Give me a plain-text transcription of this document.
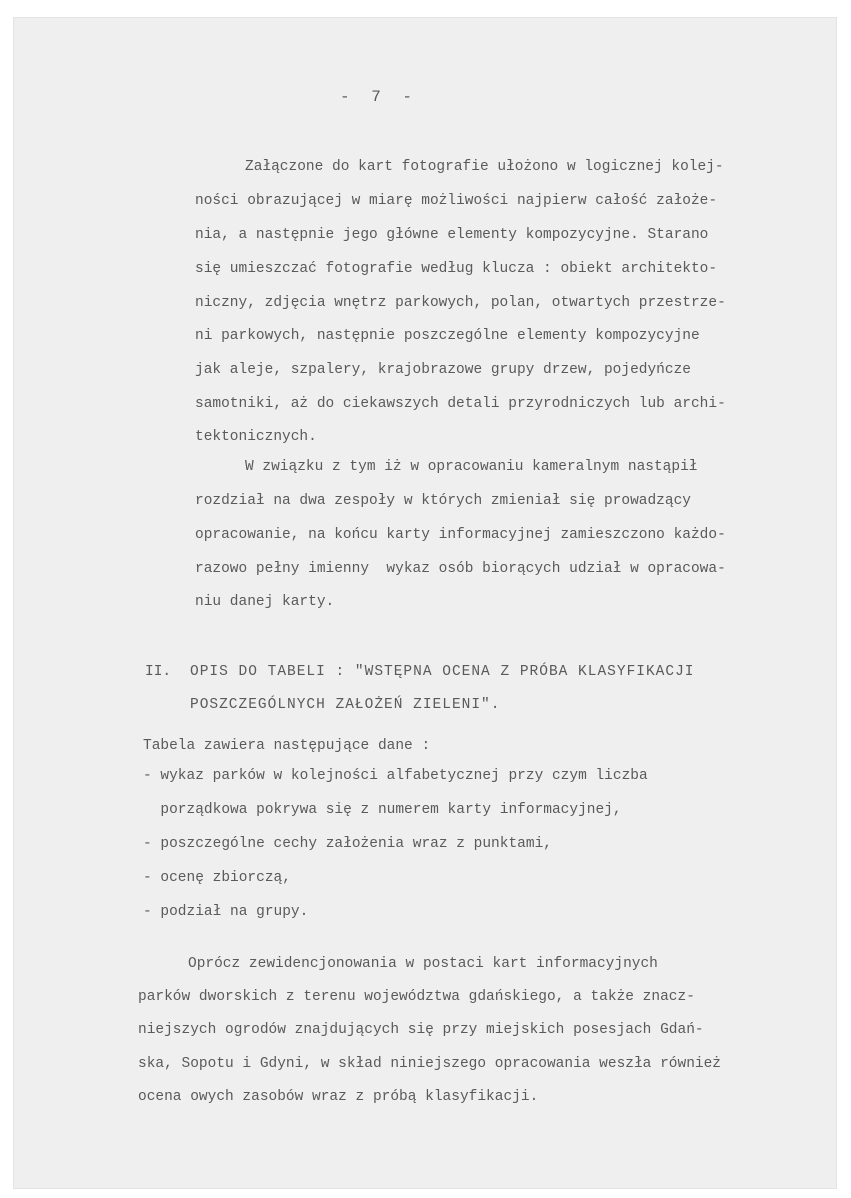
- 7 -

Załączone do kart fotografie ułożono w logicznej kolej-

ności obrazującej w miarę możliwości najpierw całość założe-

nia, a następnie jego główne elementy kompozycyjne. Starano

się umieszczać fotografie według klucza : obiekt architekto-

niczny, zdjęcia wnętrz parkowych, polan, otwartych przestrze-

ni parkowych, następnie poszczególne elementy kompozycyjne

jak aleje, szpalery, krajobrazowe grupy drzew, pojedyńcze

samotniki, aż do ciekawszych detali przyrodniczych lub archi-

tektonicznych.

W związku z tym iż w opracowaniu kameralnym nastąpił

rozdział na dwa zespoły w których zmieniał się prowadzący

opracowanie, na końcu karty informacyjnej zamieszczono każdo-

razowo pełny imienny  wykaz osób biorących udział w opracowa-

niu danej karty.

II. OPIS DO TABELI : "WSTĘPNA OCENA Z PRÓBA KLASYFIKACJI

POSZCZEGÓLNYCH ZAŁOŻEŃ ZIELENI".

Tabela zawiera następujące dane :

- wykaz parków w kolejności alfabetycznej przy czym liczba

porządkowa pokrywa się z numerem karty informacyjnej,

- poszczególne cechy założenia wraz z punktami,

- ocenę zbiorczą,

- podział na grupy.

Oprócz zewidencjonowania w postaci kart informacyjnych

parków dworskich z terenu województwa gdańskiego, a także znacz-

niejszych ogrodów znajdujących się przy miejskich posesjach Gdań-

ska, Sopotu i Gdyni, w skład niniejszego opracowania weszła również

ocena owych zasobów wraz z próbą klasyfikacji.
